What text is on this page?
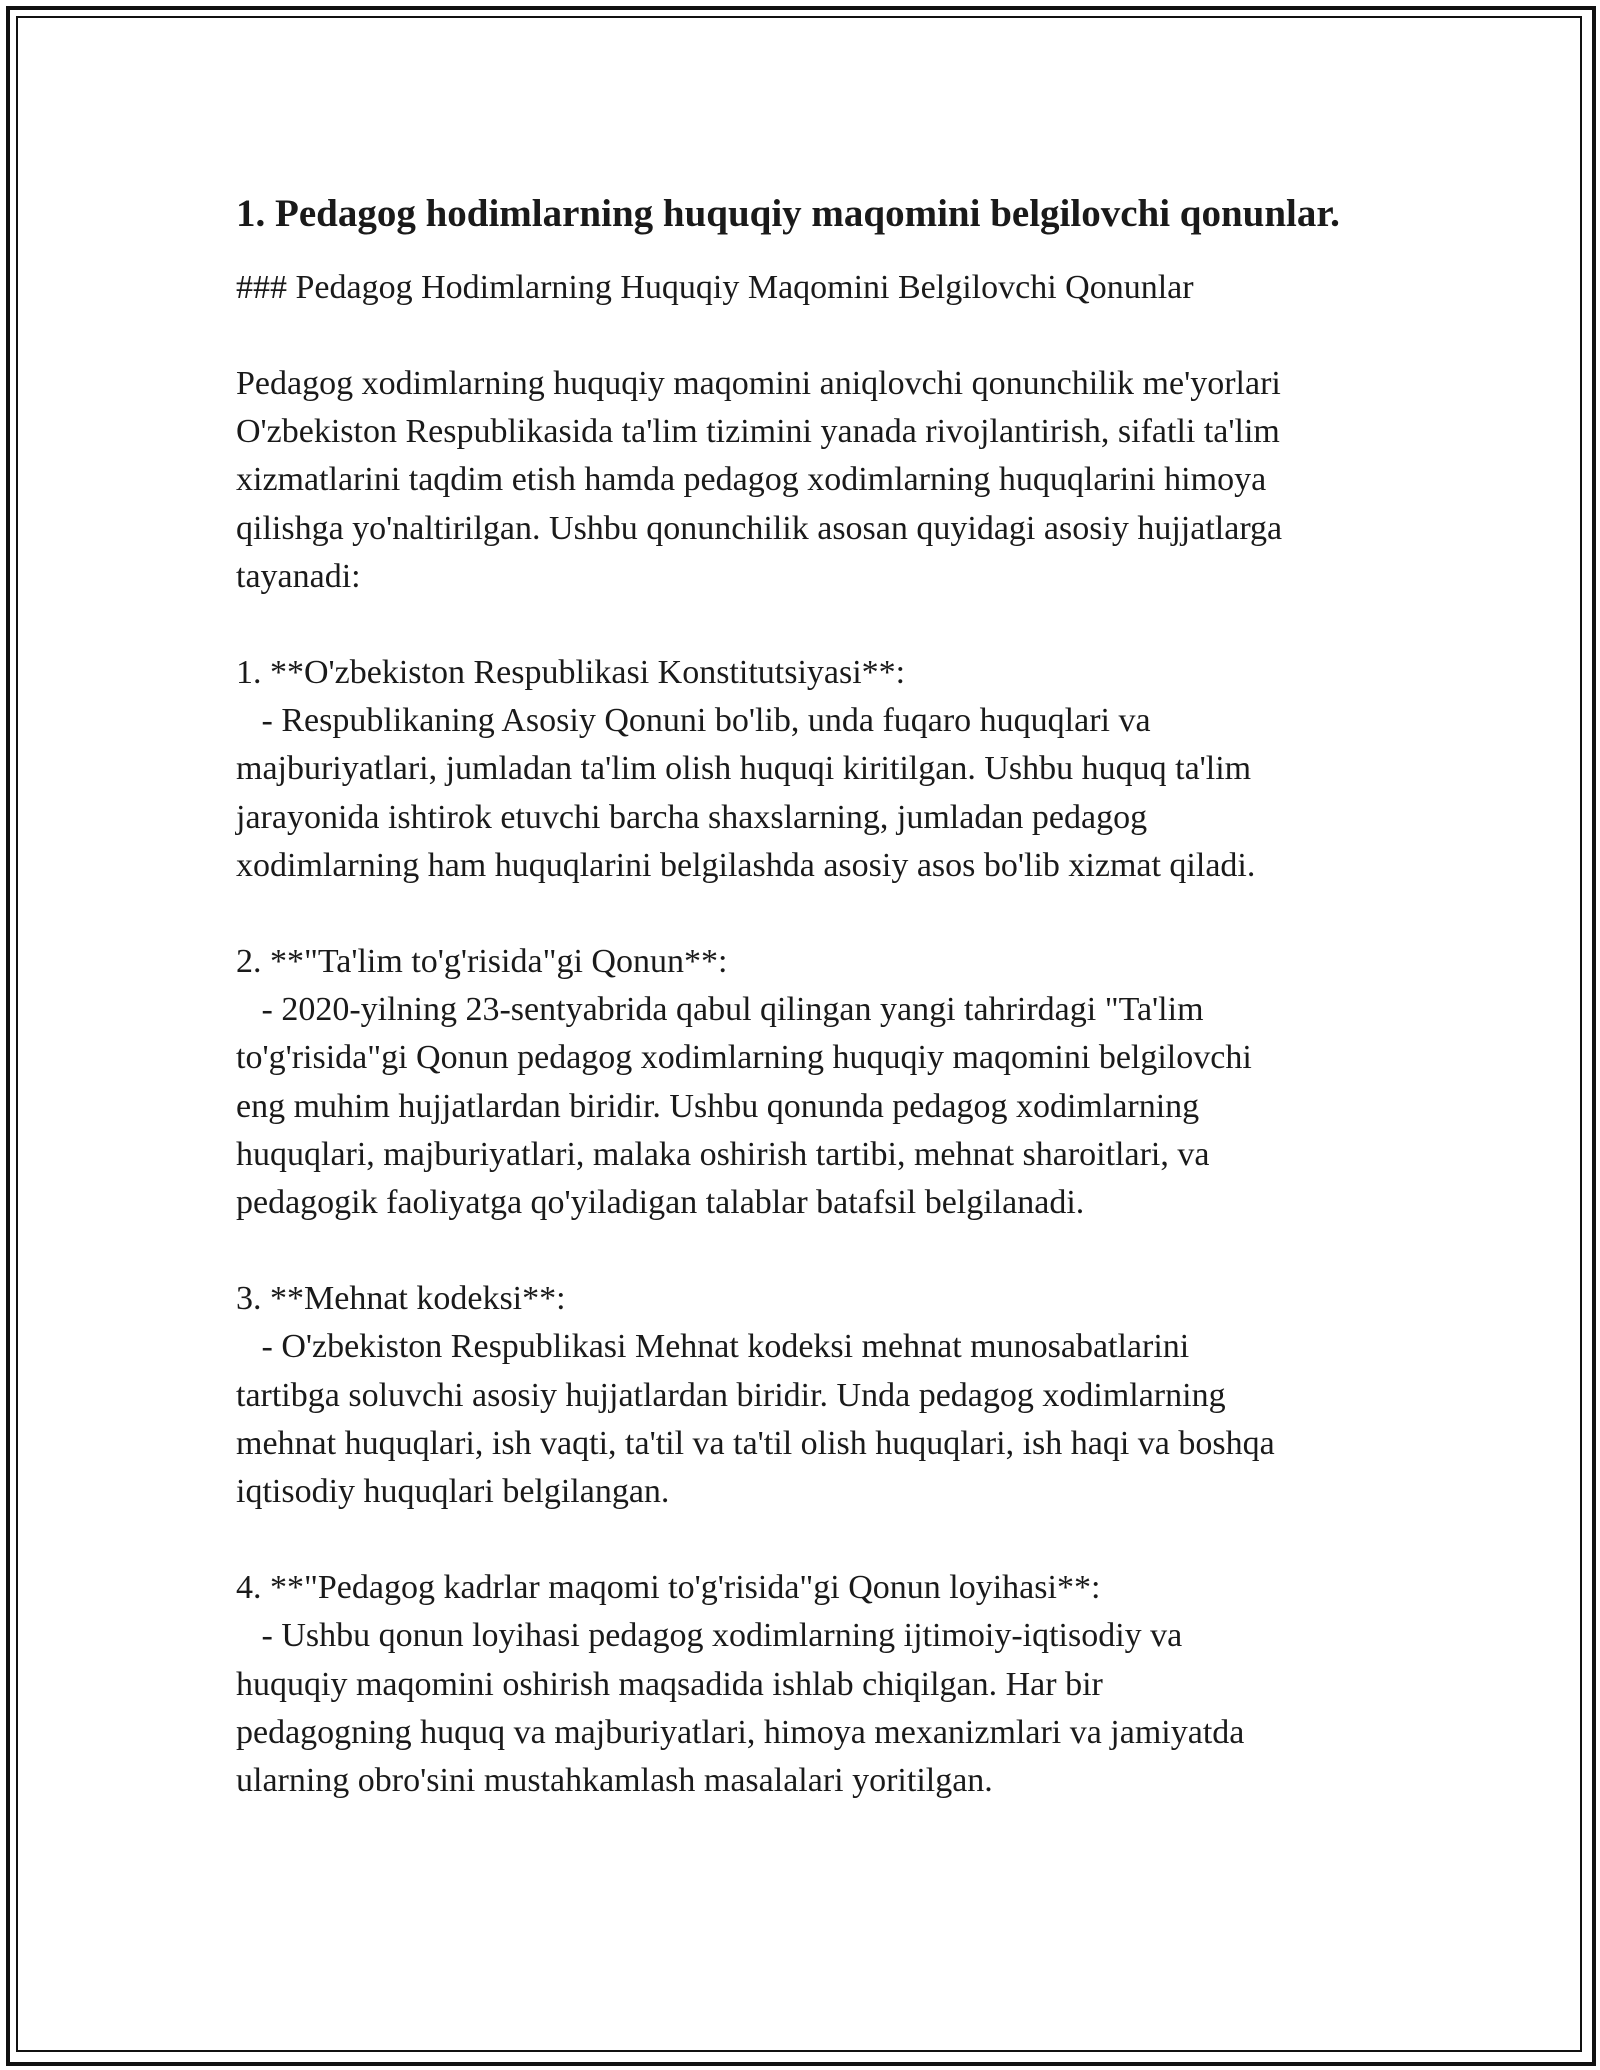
1. Pedagog hodimlarning huquqiy maqomini belgilovchi qonunlar.

### Pedagog Hodimlarning Huquqiy Maqomini Belgilovchi Qonunlar

Pedagog xodimlarning huquqiy maqomini aniqlovchi qonunchilik me'yorlari
O'zbekiston Respublikasida ta'lim tizimini yanada rivojlantirish, sifatli ta'lim
xizmatlarini taqdim etish hamda pedagog xodimlarning huquqlarini himoya
qilishga yo'naltirilgan. Ushbu qonunchilik asosan quyidagi asosiy hujjatlarga
tayanadi:

1. **O'zbekiston Respublikasi Konstitutsiyasi**:

- Respublikaning Asosiy Qonuni bo'lib, unda fuqaro huquqlari va
majburiyatlari, jumladan ta'lim olish huquqi kiritilgan. Ushbu huquq ta'lim
jarayonida ishtirok etuvchi barcha shaxslarning, jumladan pedagog
xodimlarning ham huquqlarini belgilashda asosiy asos bo'lib xizmat qiladi.

2. **"Ta'lim to'g'risida"gi Qonun**:

- 2020-yilning 23-sentyabrida qabul qilingan yangi tahrirdagi "Ta'lim
to'g'risida"gi Qonun pedagog xodimlarning huquqiy maqomini belgilovchi
eng muhim hujjatlardan biridir. Ushbu qonunda pedagog xodimlarning
huquqlari, majburiyatlari, malaka oshirish tartibi, mehnat sharoitlari, va
pedagogik faoliyatga qo'yiladigan talablar batafsil belgilanadi.

3. **Mehnat kodeksi**:

- O'zbekiston Respublikasi Mehnat kodeksi mehnat munosabatlarini
tartibga soluvchi asosiy hujjatlardan biridir. Unda pedagog xodimlarning
mehnat huquqlari, ish vaqti, ta'til va ta'til olish huquqlari, ish haqi va boshqa
iqtisodiy huquqlari belgilangan.

4. **"Pedagog kadrlar maqomi to'g'risida"gi Qonun loyihasi**:

- Ushbu qonun loyihasi pedagog xodimlarning ijtimoiy-iqtisodiy va
huquqiy maqomini oshirish maqsadida ishlab chiqilgan. Har bir
pedagogning huquq va majburiyatlari, himoya mexanizmlari va jamiyatda
ularning obro'sini mustahkamlash masalalari yoritilgan.
